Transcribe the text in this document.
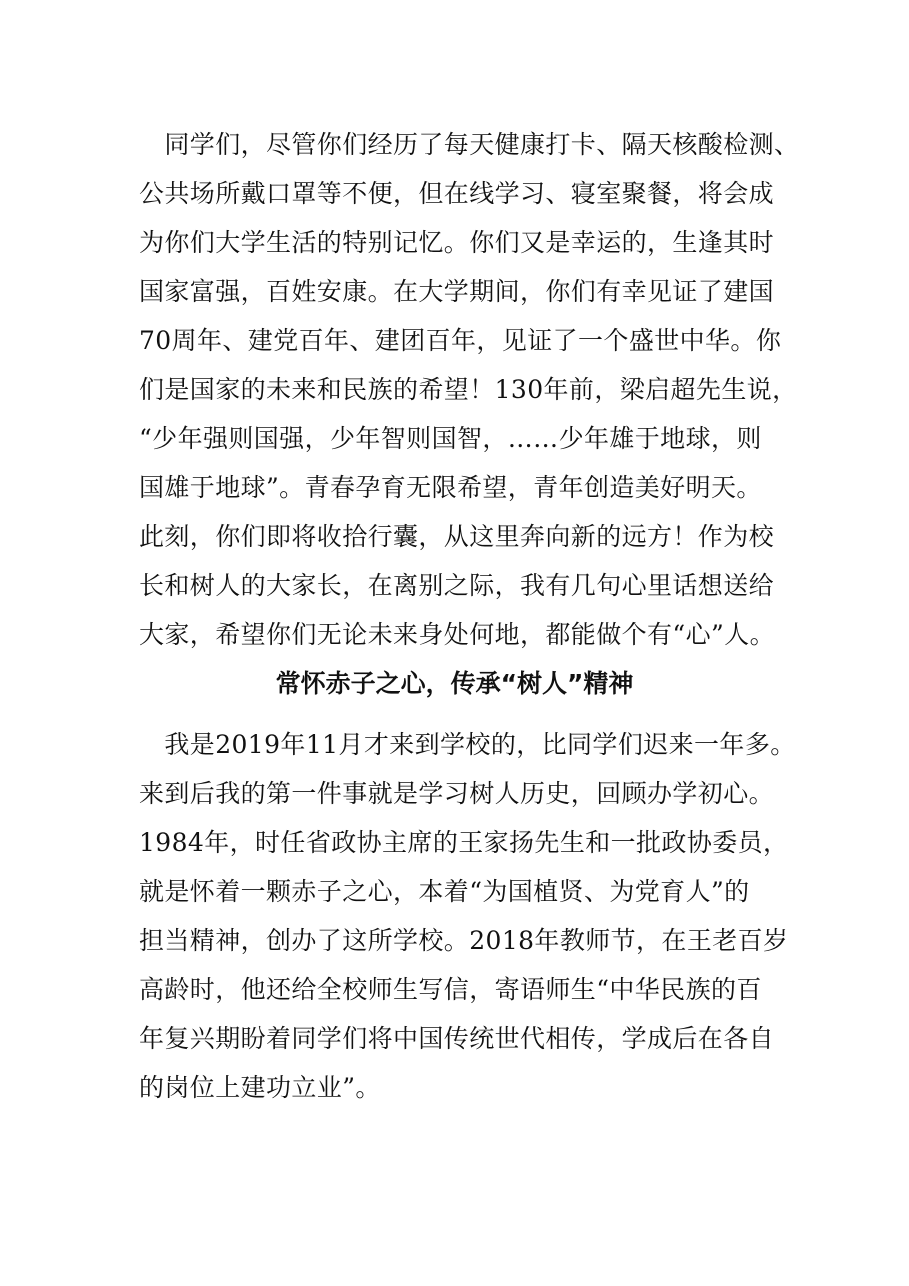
　同学们，尽管你们经历了每天健康打卡、隔天核酸检测、
公共场所戴口罩等不便，但在线学习、寝室聚餐，将会成
为你们大学生活的特别记忆。你们又是幸运的，生逢其时
国家富强，百姓安康。在大学期间，你们有幸见证了建国
70周年、建党百年、建团百年，见证了一个盛世中华。你
们是国家的未来和民族的希望！130年前，梁启超先生说，
“少年强则国强，少年智则国智，……少年雄于地球，则
国雄于地球”。青春孕育无限希望，青年创造美好明天。
此刻，你们即将收拾行囊，从这里奔向新的远方！作为校
长和树人的大家长，在离别之际，我有几句心里话想送给
大家，希望你们无论未来身处何地，都能做个有“心”人。
常怀赤子之心，传承“树人”精神
　我是2019年11月才来到学校的，比同学们迟来一年多。
来到后我的第一件事就是学习树人历史，回顾办学初心。
1984年，时任省政协主席的王家扬先生和一批政协委员，
就是怀着一颗赤子之心，本着“为国植贤、为党育人”的
担当精神，创办了这所学校。2018年教师节，在王老百岁
高龄时，他还给全校师生写信，寄语师生“中华民族的百
年复兴期盼着同学们将中国传统世代相传，学成后在各自
的岗位上建功立业”。
